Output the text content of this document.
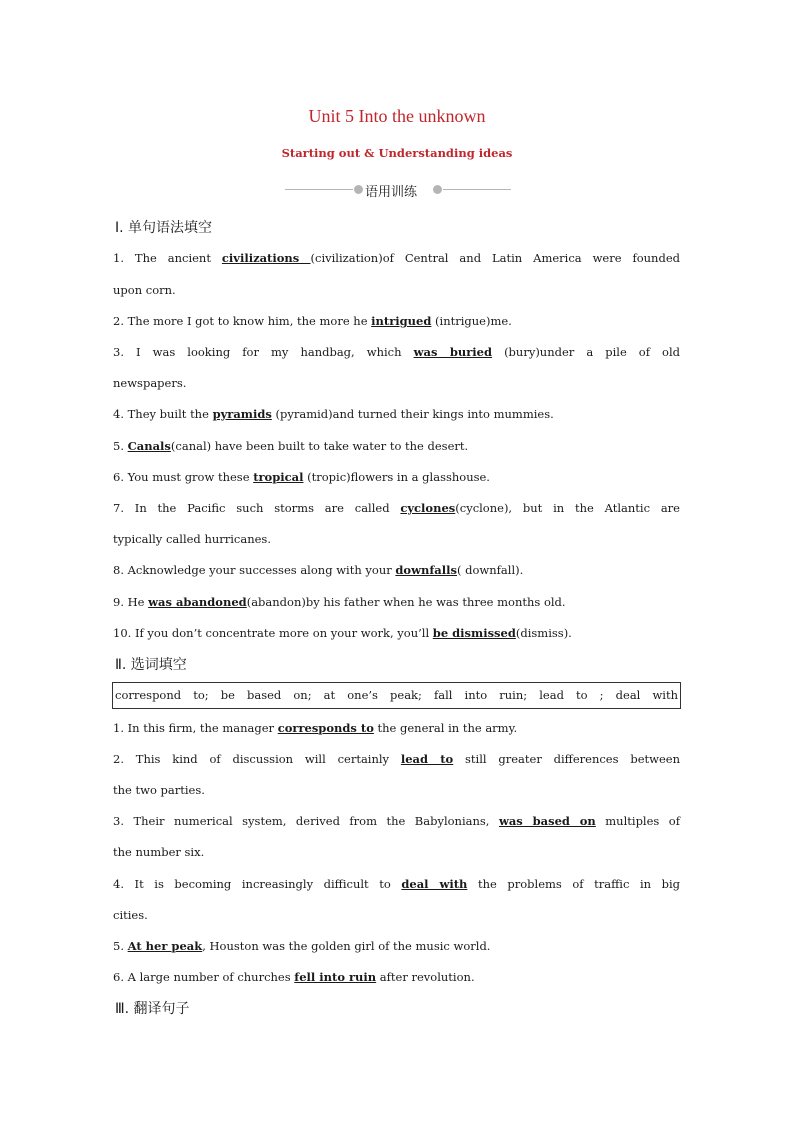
Unit 5 Into the unknown
Starting out & Understanding ideas
语用训练
Ⅰ. 单句语法填空
1. The ancient civilizations (civilization)of Central and Latin America were founded
upon corn.
2. The more I got to know him, the more he intrigued (intrigue)me.
3. I was looking for my handbag, which was buried (bury)under a pile of old
newspapers.
4. They built the pyramids (pyramid)and turned their kings into mummies.
5. Canals(canal) have been built to take water to the desert.
6. You must grow these tropical (tropic)flowers in a glasshouse.
7. In the Pacific such storms are called cyclones(cyclone), but in the Atlantic are
typically called hurricanes.
8. Acknowledge your successes along with your downfalls( downfall).
9. He was abandoned(abandon)by his father when he was three months old.
10. If you don’t concentrate more on your work, you’ll be dismissed(dismiss).
Ⅱ. 选词填空
correspond to; be based on; at one’s peak; fall into ruin; lead to ; deal with
1. In this firm, the manager corresponds to the general in the army.
2. This kind of discussion will certainly lead to still greater differences between
the two parties.
3. Their numerical system, derived from the Babylonians, was based on multiples of
the number six.
4. It is becoming increasingly difficult to deal with the problems of traffic in big
cities.
5. At her peak, Houston was the golden girl of the music world.
6. A large number of churches fell into ruin after revolution.
Ⅲ. 翻译句子
